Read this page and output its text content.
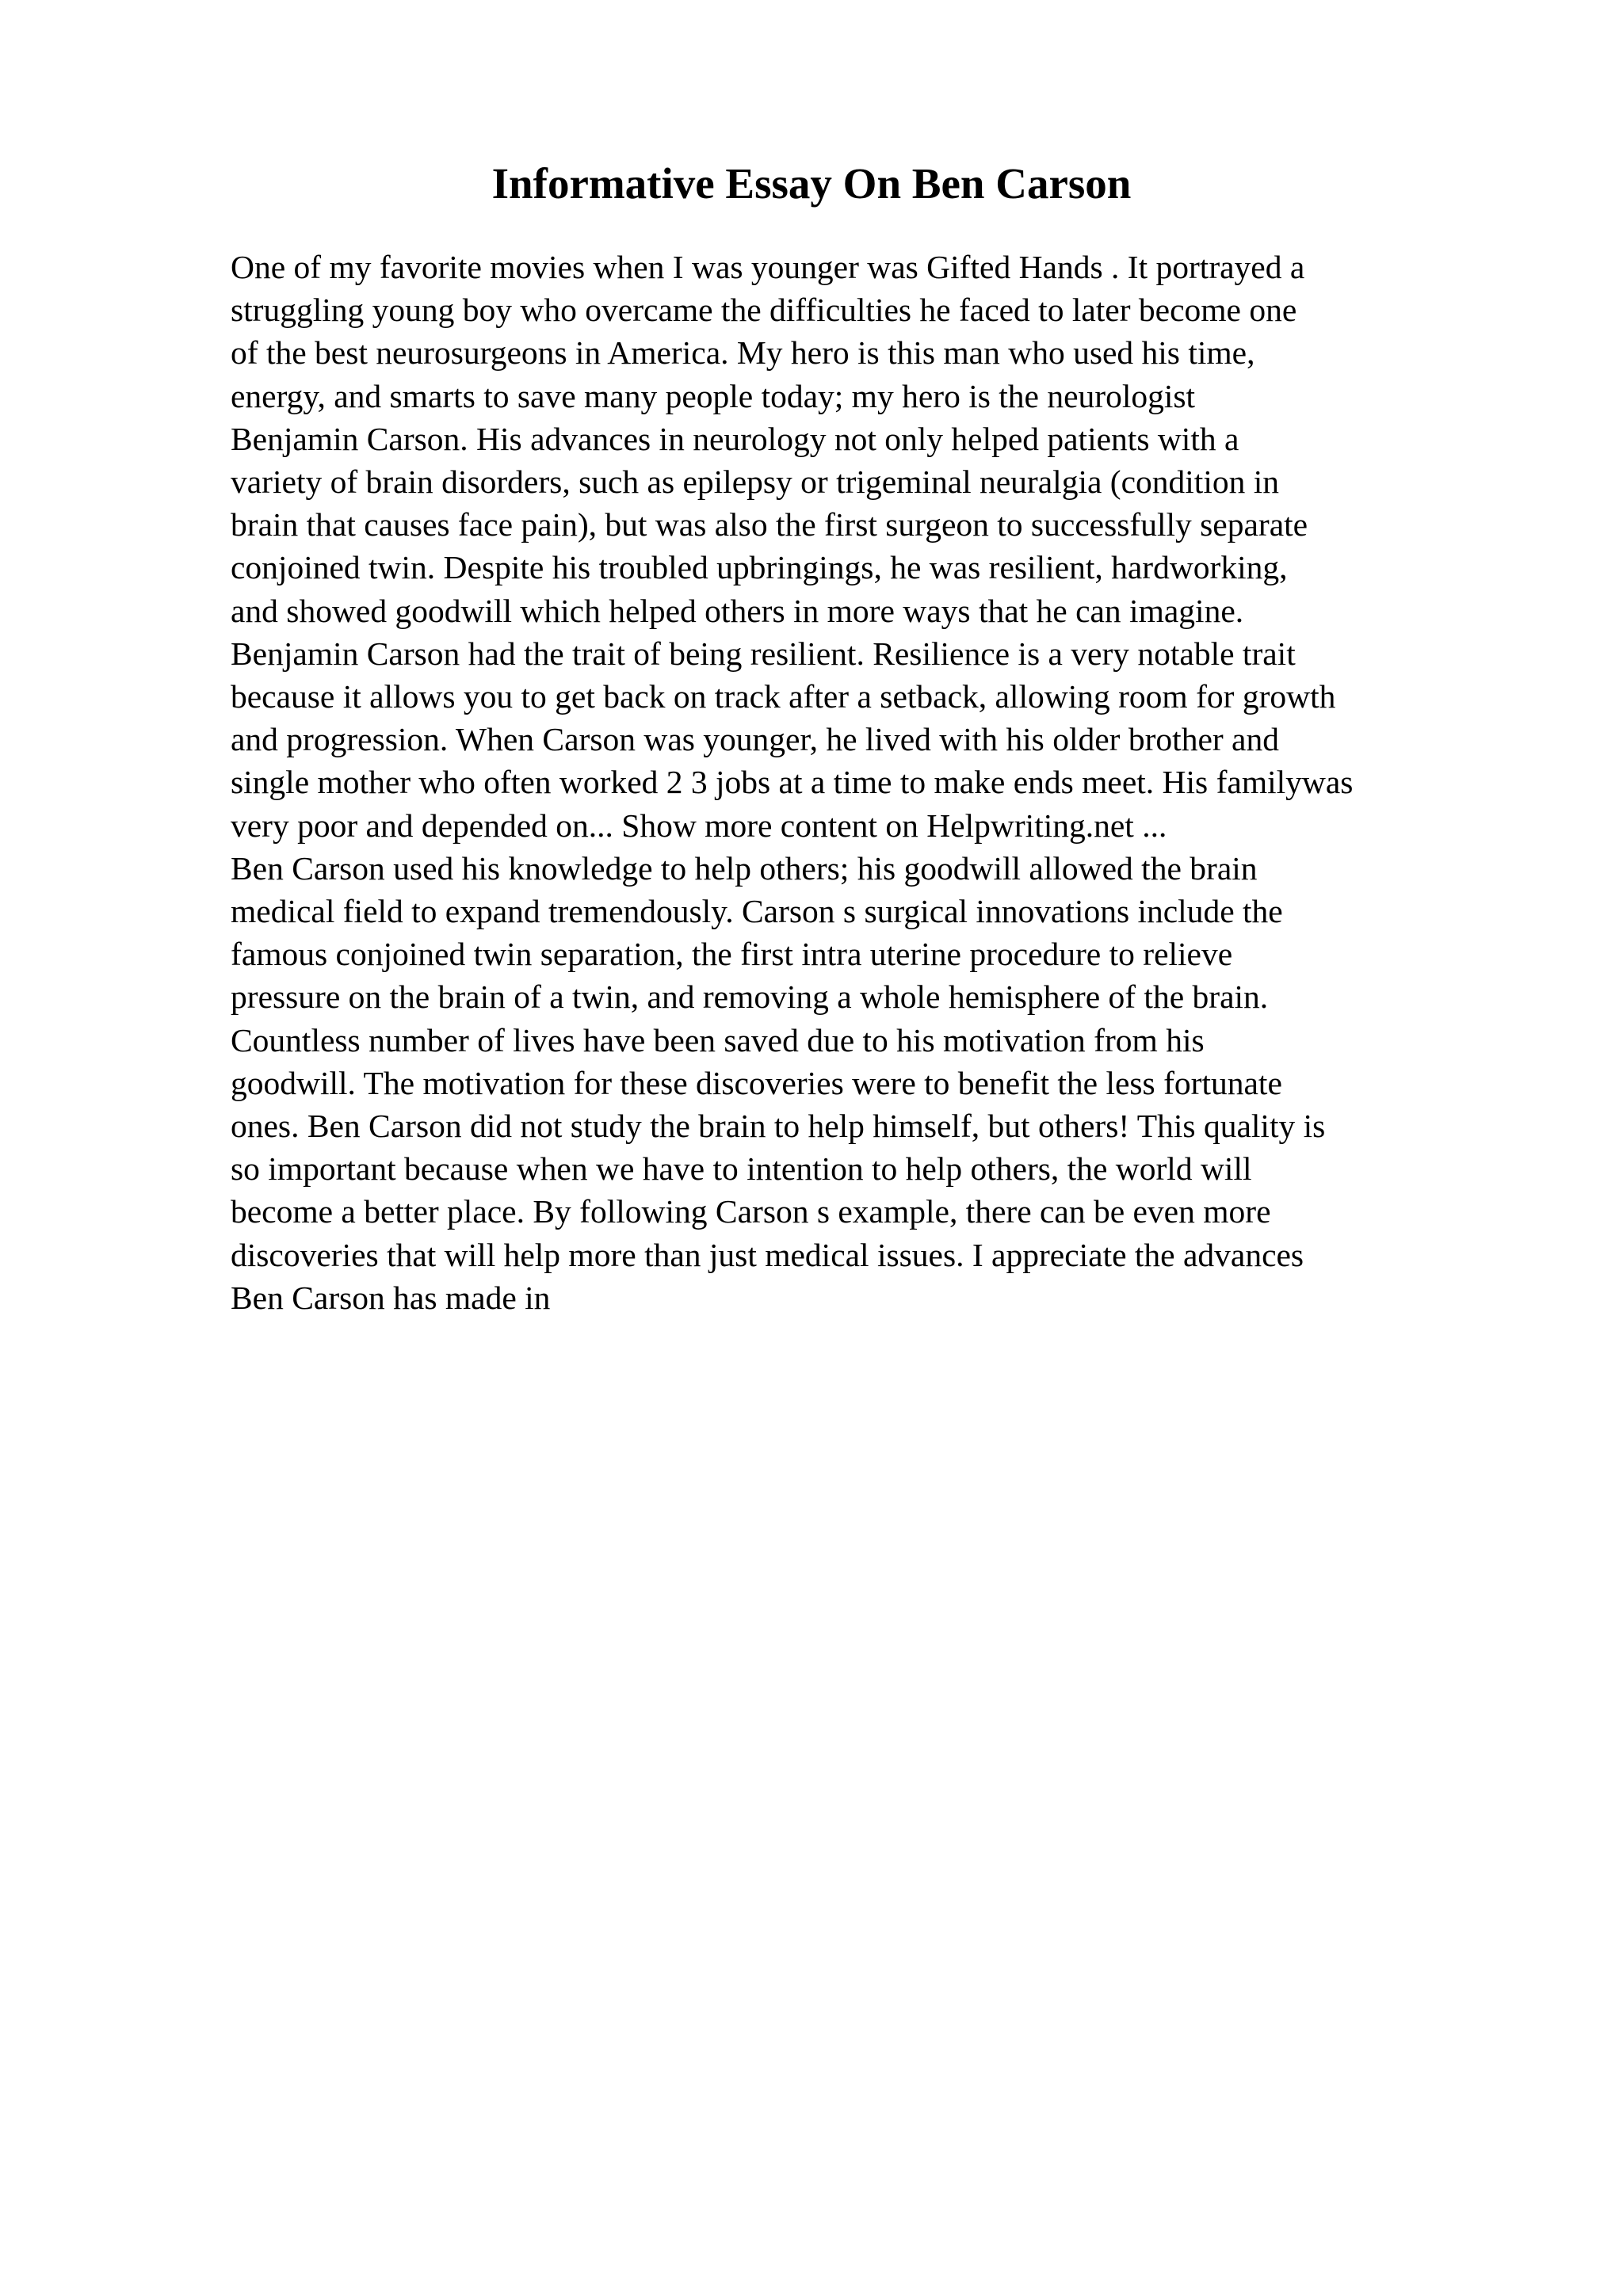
Informative Essay On Ben Carson
One of my favorite movies when I was younger was Gifted Hands . It portrayed a
struggling young boy who overcame the difficulties he faced to later become one
of the best neurosurgeons in America. My hero is this man who used his time,
energy, and smarts to save many people today; my hero is the neurologist
Benjamin Carson. His advances in neurology not only helped patients with a
variety of brain disorders, such as epilepsy or trigeminal neuralgia (condition in
brain that causes face pain), but was also the first surgeon to successfully separate
conjoined twin. Despite his troubled upbringings, he was resilient, hardworking,
and showed goodwill which helped others in more ways that he can imagine.
Benjamin Carson had the trait of being resilient. Resilience is a very notable trait
because it allows you to get back on track after a setback, allowing room for growth
and progression. When Carson was younger, he lived with his older brother and
single mother who often worked 2 3 jobs at a time to make ends meet. His familywas
very poor and depended on... Show more content on Helpwriting.net ...
Ben Carson used his knowledge to help others; his goodwill allowed the brain
medical field to expand tremendously. Carson s surgical innovations include the
famous conjoined twin separation, the first intra uterine procedure to relieve
pressure on the brain of a twin, and removing a whole hemisphere of the brain.
Countless number of lives have been saved due to his motivation from his
goodwill. The motivation for these discoveries were to benefit the less fortunate
ones. Ben Carson did not study the brain to help himself, but others! This quality is
so important because when we have to intention to help others, the world will
become a better place. By following Carson s example, there can be even more
discoveries that will help more than just medical issues. I appreciate the advances
Ben Carson has made in
